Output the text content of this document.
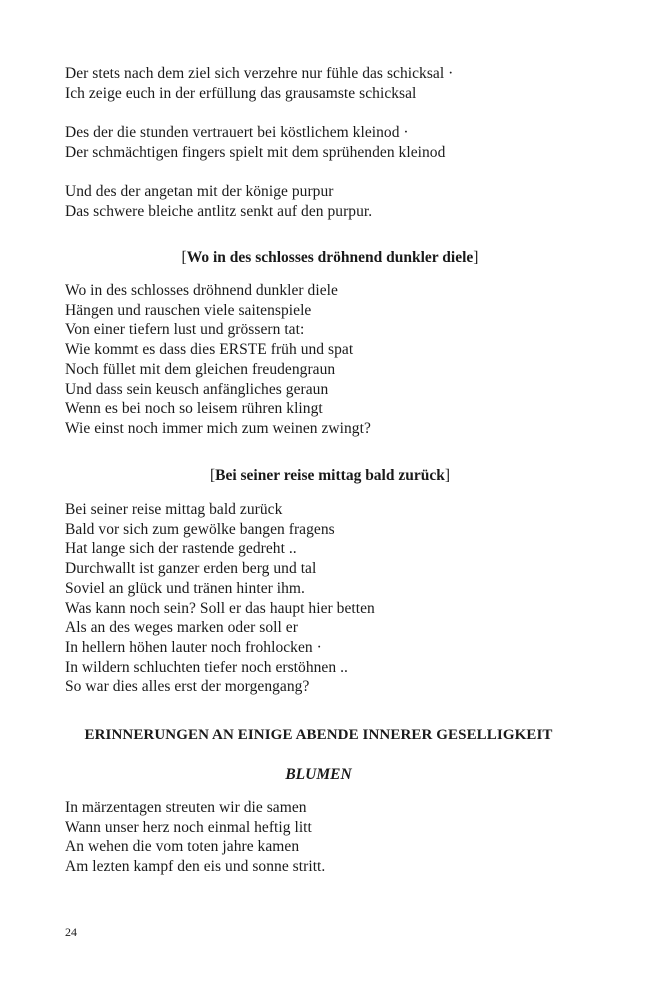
Der stets nach dem ziel sich verzehre nur fühle das schicksal ·
Ich zeige euch in der erfüllung das grausamste schicksal
Des der die stunden vertrauert bei köstlichem kleinod ·
Der schmächtigen fingers spielt mit dem sprühenden kleinod
Und des der angetan mit der könige purpur
Das schwere bleiche antlitz senkt auf den purpur.
[Wo in des schlosses dröhnend dunkler diele]
Wo in des schlosses dröhnend dunkler diele
Hängen und rauschen viele saitenspiele
Von einer tiefern lust und grössern tat:
Wie kommt es dass dies ERSTE früh und spat
Noch füllet mit dem gleichen freudengraun
Und dass sein keusch anfängliches geraun
Wenn es bei noch so leisem rühren klingt
Wie einst noch immer mich zum weinen zwingt?
[Bei seiner reise mittag bald zurück]
Bei seiner reise mittag bald zurück
Bald vor sich zum gewölke bangen fragens
Hat lange sich der rastende gedreht ..
Durchwallt ist ganzer erden berg und tal
Soviel an glück und tränen hinter ihm.
Was kann noch sein? Soll er das haupt hier betten
Als an des weges marken oder soll er
In hellern höhen lauter noch frohlocken ·
In wildern schluchten tiefer noch erstöhnen ..
So war dies alles erst der morgengang?
ERINNERUNGEN AN EINIGE ABENDE INNERER GESELLIGKEIT
BLUMEN
In märzentagen streuten wir die samen
Wann unser herz noch einmal heftig litt
An wehen die vom toten jahre kamen
Am lezten kampf den eis und sonne stritt.
24
